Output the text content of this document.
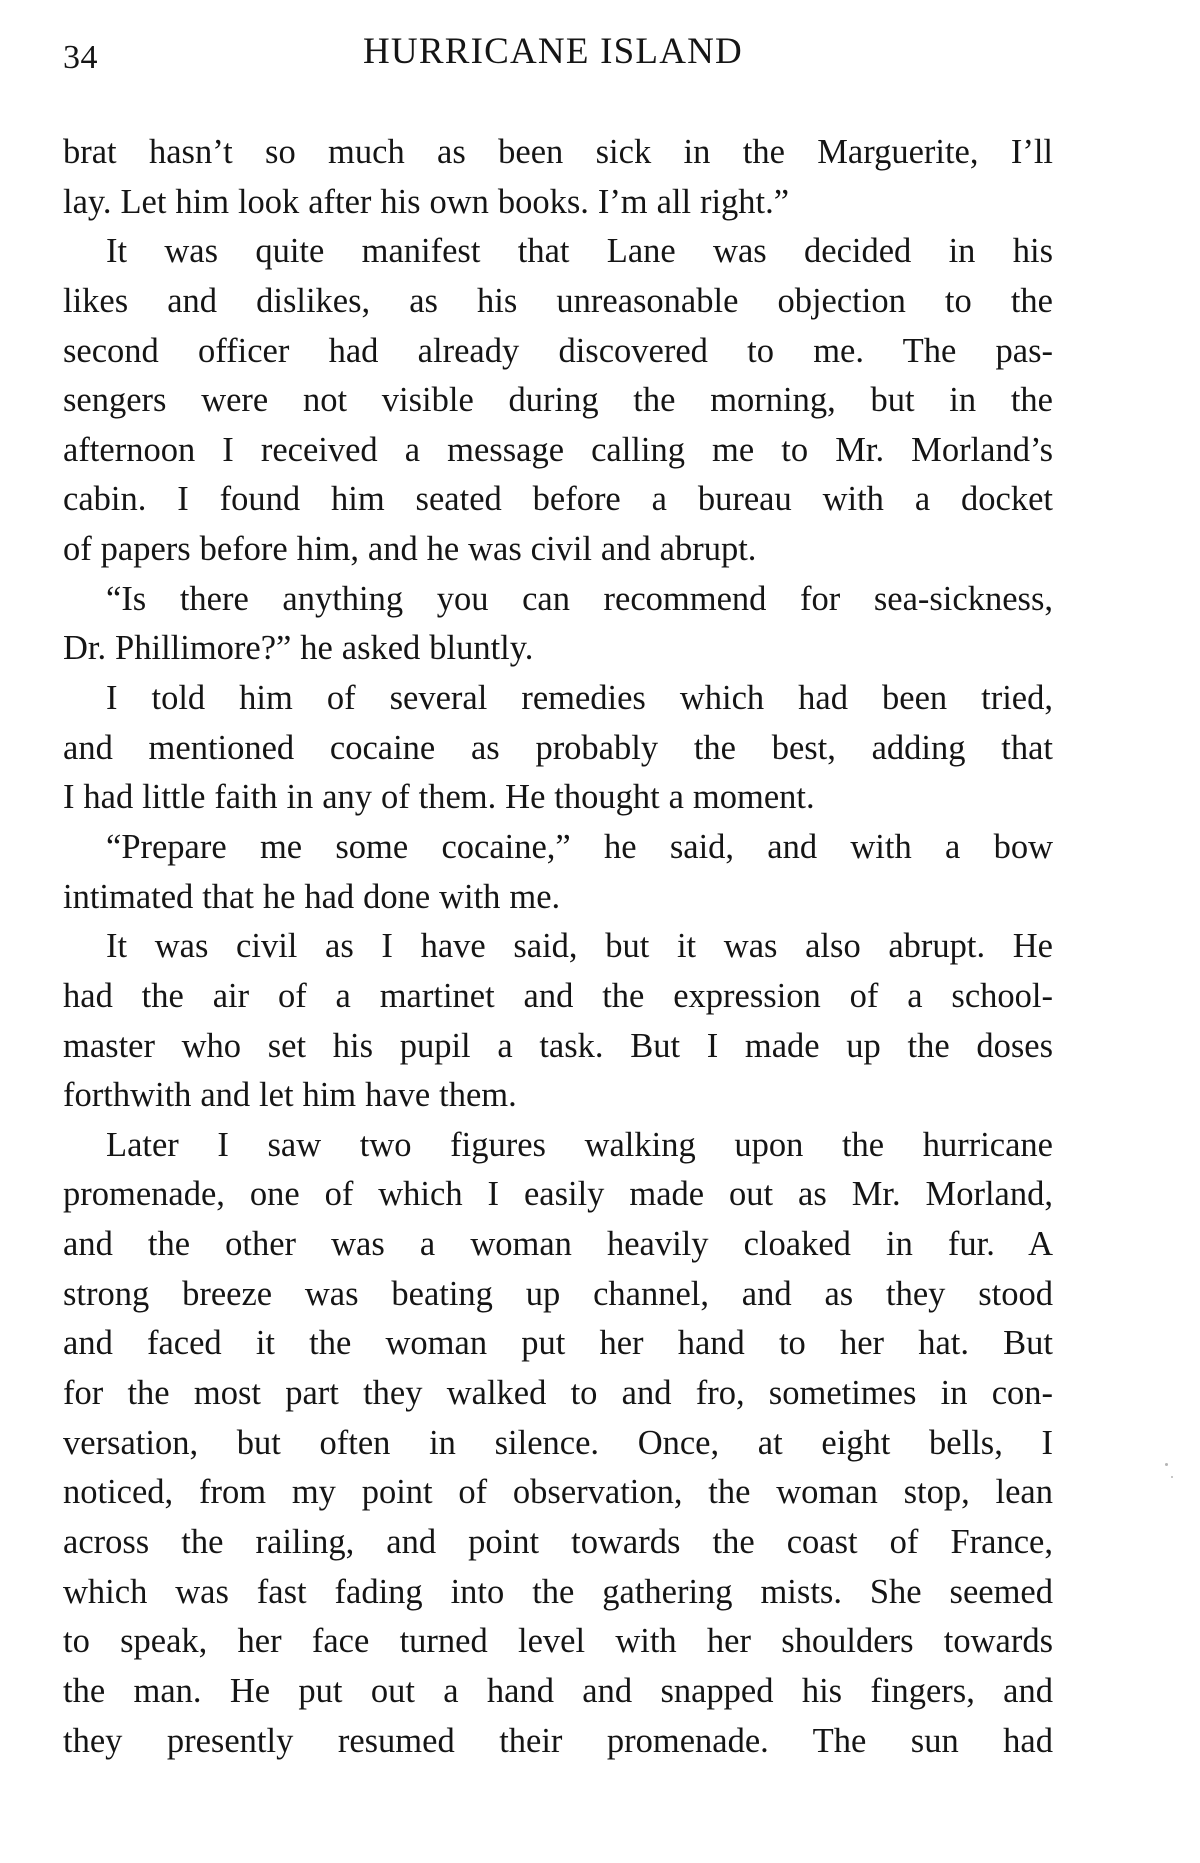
34	HURRICANE ISLAND
brat hasn’t so much as been sick in the Marguerite, I’ll
lay. Let him look after his own books. I’m all right.”
It was quite manifest that Lane was decided in his
likes and dislikes, as his unreasonable objection to the
second officer had already discovered to me. The pas-
sengers were not visible during the morning, but in the
afternoon I received a message calling me to Mr. Morland’s
cabin. I found him seated before a bureau with a docket
of papers before him, and he was civil and abrupt.
“Is there anything you can recommend for sea-sickness,
Dr. Phillimore?” he asked bluntly.
I told him of several remedies which had been tried,
and mentioned cocaine as probably the best, adding that
I had little faith in any of them. He thought a moment.
“Prepare me some cocaine,” he said, and with a bow
intimated that he had done with me.
It was civil as I have said, but it was also abrupt. He
had the air of a martinet and the expression of a school-
master who set his pupil a task. But I made up the doses
forthwith and let him have them.
Later I saw two figures walking upon the hurricane
promenade, one of which I easily made out as Mr. Morland,
and the other was a woman heavily cloaked in fur. A
strong breeze was beating up channel, and as they stood
and faced it the woman put her hand to her hat. But
for the most part they walked to and fro, sometimes in con-
versation, but often in silence. Once, at eight bells, I
noticed, from my point of observation, the woman stop, lean
across the railing, and point towards the coast of France,
which was fast fading into the gathering mists. She seemed
to speak, her face turned level with her shoulders towards
the man. He put out a hand and snapped his fingers, and
they presently resumed their promenade. The sun had
